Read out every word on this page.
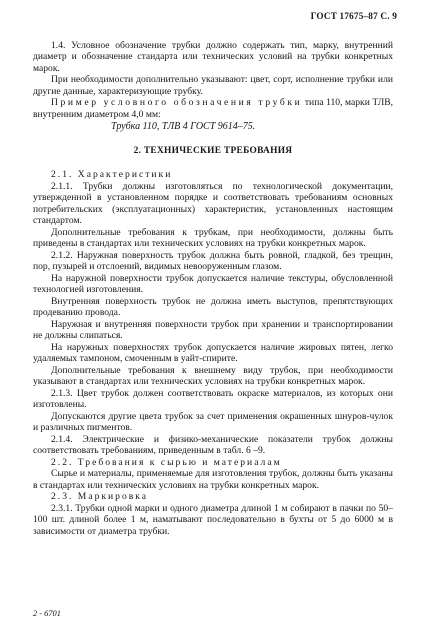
ГОСТ 17675–87 С. 9

1.4. Условное обозначение трубки должно содержать тип, марку, внутренний диаметр и обозначение стандарта или технических условий на трубки конкретных марок.

При необходимости дополнительно указывают: цвет, сорт, исполнение трубки или другие данные, характеризующие трубку.

Пример условного обозначения трубки типа 110, марки ТЛВ, внутренним диаметром 4,0 мм:

Трубка 110, ТЛВ 4 ГОСТ 9614–75.

2. ТЕХНИЧЕСКИЕ ТРЕБОВАНИЯ

2.1. Характеристики

2.1.1. Трубки должны изготовляться по технологической документации, утвержденной в установленном порядке и соответствовать требованиям основных потребительских (эксплуатационных) характеристик, установленных настоящим стандартом.

Дополнительные требования к трубкам, при необходимости, должны быть приведены в стандартах или технических условиях на трубки конкретных марок.

2.1.2. Наружная поверхность трубок должна быть ровной, гладкой, без трещин, пор, пузырей и отслоений, видимых невооруженным глазом.

На наружной поверхности трубок допускается наличие текстуры, обусловленной технологией изготовления.

Внутренняя поверхность трубок не должна иметь выступов, препятствующих продеванию провода.

Наружная и внутренняя поверхности трубок при хранении и транспортировании не должны слипаться.

На наружных поверхностях трубок допускается наличие жировых пятен, легко удаляемых тампоном, смоченным в уайт-спирите.

Дополнительные требования к внешнему виду трубок, при необходимости указывают в стандартах или технических условиях на трубки конкретных марок.

2.1.3. Цвет трубок должен соответствовать окраске материалов, из которых они изготовлены.

Допускаются другие цвета трубок за счет применения окрашенных шнуров-чулок и различных пигментов.

2.1.4. Электрические и физико-механические показатели трубок должны соответствовать требованиям, приведенным в табл. 6 –9.

2.2. Требования к сырью и материалам

Сырье и материалы, применяемые для изготовления трубок, должны быть указаны в стандартах или технических условиях на трубки конкретных марок.

2.3. Маркировка

2.3.1. Трубки одной марки и одного диаметра длиной 1 м собирают в пачки по 50–100 шт. длиной более 1 м, наматывают последовательно в бухты от 5 до 6000 м в зависимости от диаметра трубки.

2 - 6701
